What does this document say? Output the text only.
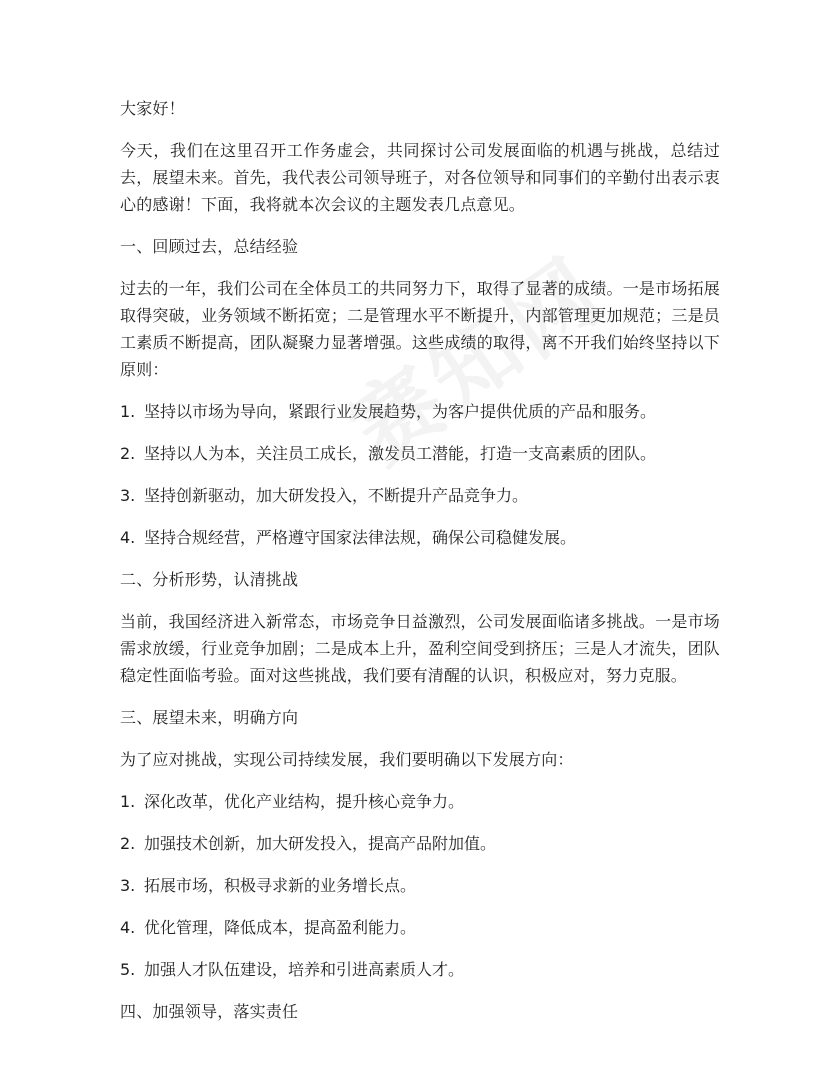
大家好！

今天，我们在这里召开工作务虚会，共同探讨公司发展面临的机遇与挑战，总结过去，展望未来。首先，我代表公司领导班子，对各位领导和同事们的辛勤付出表示衷心的感谢！下面，我将就本次会议的主题发表几点意见。

一、回顾过去，总结经验

过去的一年，我们公司在全体员工的共同努力下，取得了显著的成绩。一是市场拓展取得突破，业务领域不断拓宽；二是管理水平不断提升，内部管理更加规范；三是员工素质不断提高，团队凝聚力显著增强。这些成绩的取得，离不开我们始终坚持以下原则：

1. 坚持以市场为导向，紧跟行业发展趋势，为客户提供优质的产品和服务。
2. 坚持以人为本，关注员工成长，激发员工潜能，打造一支高素质的团队。
3. 坚持创新驱动，加大研发投入，不断提升产品竞争力。
4. 坚持合规经营，严格遵守国家法律法规，确保公司稳健发展。

二、分析形势，认清挑战

当前，我国经济进入新常态，市场竞争日益激烈，公司发展面临诸多挑战。一是市场需求放缓，行业竞争加剧；二是成本上升，盈利空间受到挤压；三是人才流失，团队稳定性面临考验。面对这些挑战，我们要有清醒的认识，积极应对，努力克服。

三、展望未来，明确方向

为了应对挑战，实现公司持续发展，我们要明确以下发展方向：

1. 深化改革，优化产业结构，提升核心竞争力。
2. 加强技术创新，加大研发投入，提高产品附加值。
3. 拓展市场，积极寻求新的业务增长点。
4. 优化管理，降低成本，提高盈利能力。
5. 加强人才队伍建设，培养和引进高素质人才。

四、加强领导，落实责任
